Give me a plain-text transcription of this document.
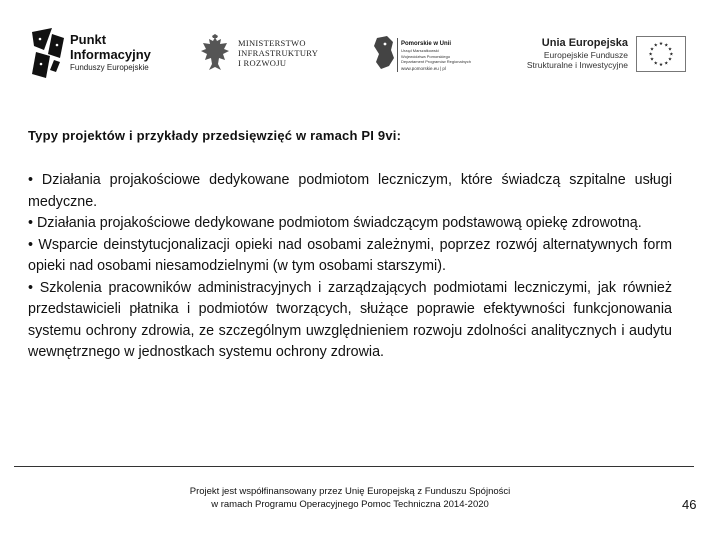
Punkt
Informacyjny
Funduszy Europejskie
MINISTERSTWO
INFRASTRUKTURY
I ROZWOJU
Pomorskie w Unii
Urząd Marszałkowski
Województwa Pomorskiego
Departament Programów Regionalnych
www.pomorskie.eu | pl
Unia Europejska
Europejskie Fundusze
Strukturalne i Inwestycyjne
★
★
★
★
★
★
★
★
★ ★ ★
★
Typy projektów i przykłady przedsięwzięć w ramach PI 9vi:

• Działania projakościowe dedykowane podmiotom leczniczym, które świadczą szpitalne usługi medyczne.

• Działania projakościowe dedykowane podmiotom świadczącym podstawową opiekę zdrowotną.

• Wsparcie deinstytucjonalizacji opieki nad osobami zależnymi, poprzez rozwój alternatywnych form opieki nad osobami niesamodzielnymi (w tym osobami starszymi).

• Szkolenia pracowników administracyjnych i zarządzających podmiotami leczniczymi, jak również przedstawicieli płatnika i podmiotów tworzących, służące poprawie efektywności funkcjonowania systemu ochrony zdrowia, ze szczególnym uwzględnieniem rozwoju zdolności analitycznych i audytu wewnętrznego w jednostkach systemu ochrony zdrowia.

Projekt jest współfinansowany przez Unię Europejską z Funduszu Spójności
w ramach Programu Operacyjnego Pomoc Techniczna 2014-2020	46
